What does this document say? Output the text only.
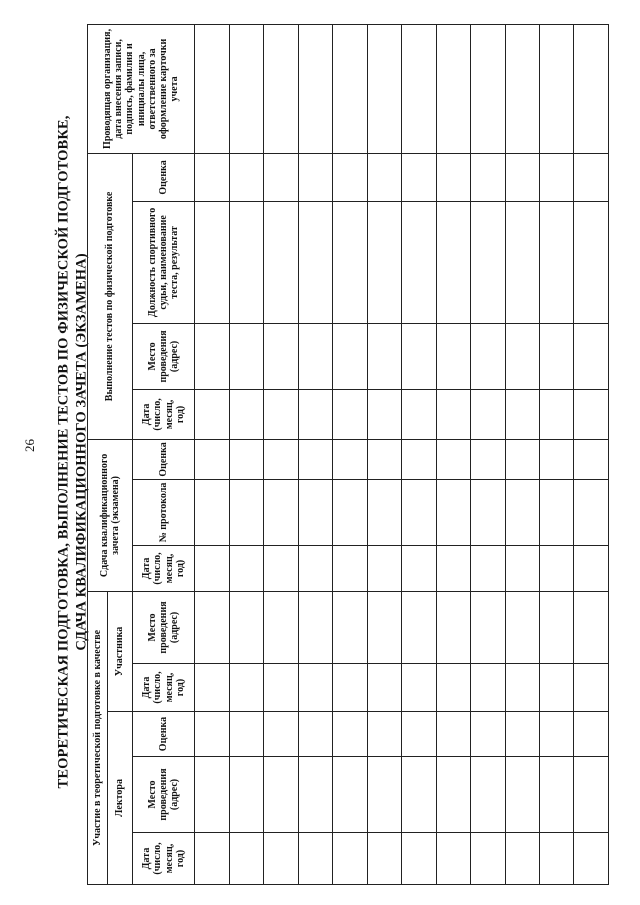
26 ТЕОРЕТИЧЕСКАЯ ПОДГОТОВКА, ВЫПОЛНЕНИЕ ТЕСТОВ ПО ФИЗИЧЕСКОЙ ПОДГОТОВКЕ, СДАЧА КВАЛИФИКАЦИОННОГО ЗАЧЕТА (ЭКЗАМЕНА)
Участие в теоретической подготовке в качестве					Сдача квалификационного зачета (экзамена)			Выполнение тестов по физической подготовке				Проводящая организация, дата внесения записи, подпись, фамилия и инициалы лица, ответственного за оформление карточки учета
Лектора			Участника									
Дата (число, месяц, год)	Место проведения (адрес)	Оценка	Дата (число, месяц, год)	Место проведения (адрес)	Дата (число, месяц, год)	№ протокола	Оценка	Дата (число, месяц, год)	Место проведения (адрес)	Должность спортивного судьи, наименование теста, результат	Оценка	
